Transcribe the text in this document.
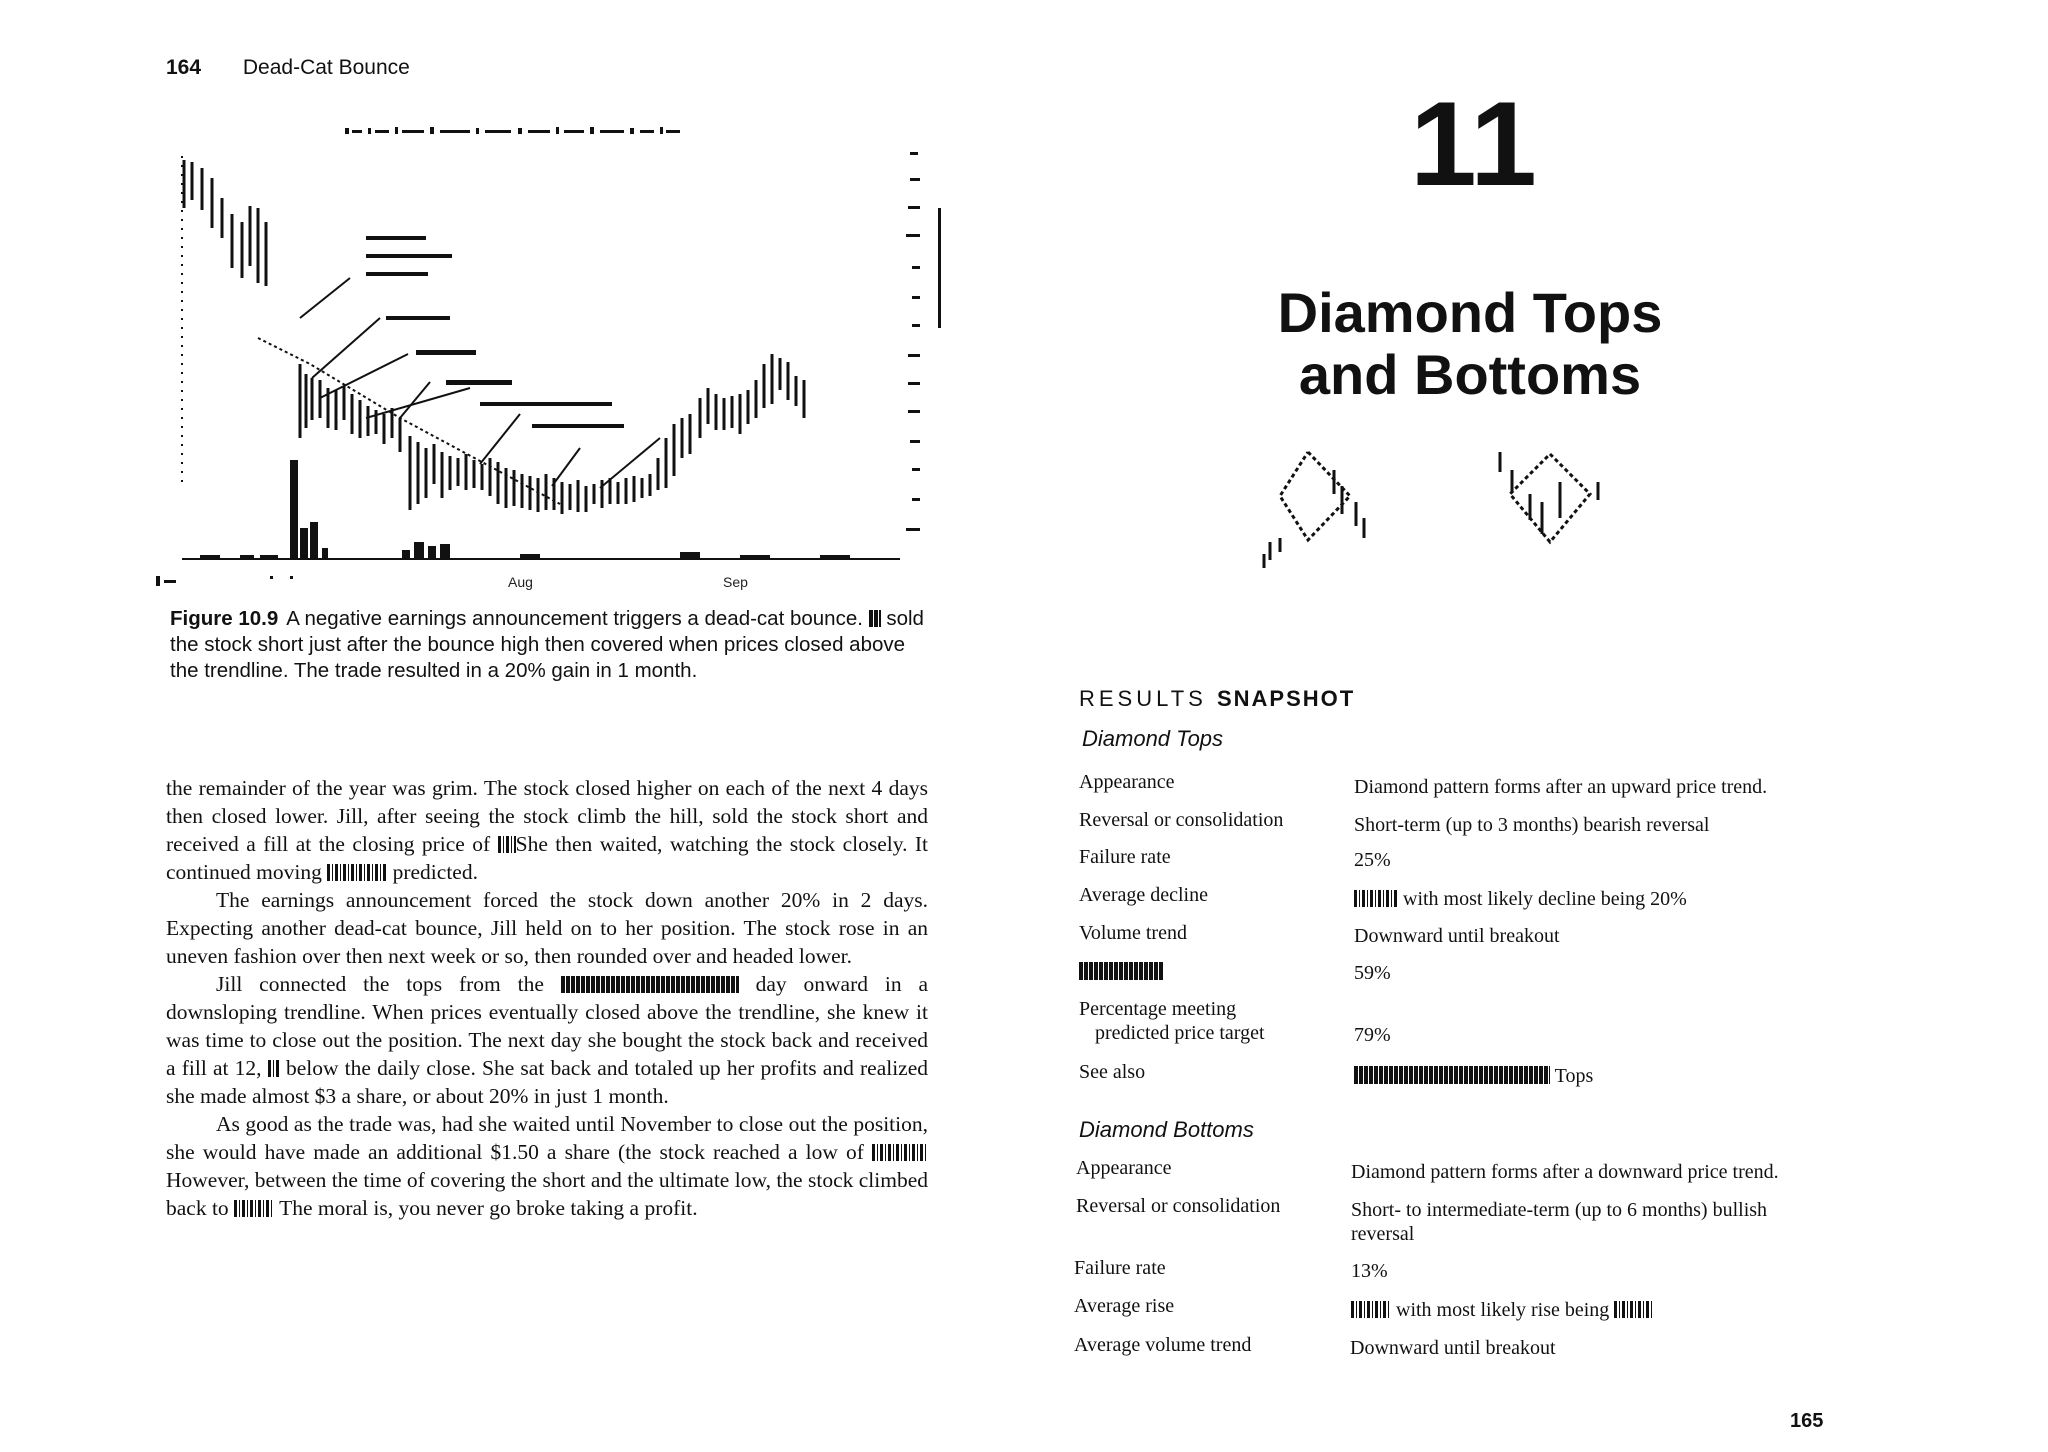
164 Dead-Cat Bounce
Aug	Sep
Figure 10.9 A negative earnings announcement triggers a dead-cat bounce. sold the stock short just after the bounce high then covered when prices closed above the trendline. The trade resulted in a 20% gain in 1 month.

the remainder of the year was grim. The stock closed higher on each of the next 4 days then closed lower. Jill, after seeing the stock climb the hill, sold the stock short and received a fill at the closing price of She then waited, watching the stock closely. It continued moving	predicted.

The earnings announcement forced the stock down another 20% in 2 days. Expecting another dead-cat bounce, Jill held on to her position. The stock rose in an uneven fashion over then next week or so, then rounded over and headed lower.

Jill connected the tops from the	day onward in a downsloping trendline. When prices eventually closed above the trendline, she knew it was time to close out the position. The next day she bought the stock back and received a fill at 12, below the daily close. She sat back and totaled up her profits and realized she made almost $3 a share, or about 20% in just 1 month.

As good as the trade was, had she waited until November to close out the position, she would have made an additional $1.50 a share (the stock reached a low of  However, between the time of covering the short and the ultimate low, the stock climbed back to The moral is, you never go broke taking a profit.

11
Diamond Tops
and Bottoms
RESULTS SNAPSHOT
Diamond Tops
Appearance	Diamond pattern forms after an upward price trend.
Reversal or consolidation	Short-term (up to 3 months) bearish reversal
Failure rate	25%
Average decline	with most likely decline being 20%
Volume trend	Downward until breakout
59%
Percentage meeting
predicted price target	79%
See also	Tops
Diamond Bottoms
Appearance	Diamond pattern forms after a downward price trend.
Reversal or consolidation	Short- to intermediate-term (up to 6 months) bullish
reversal
Failure rate	13%
Average rise	with most likely rise being
Average volume trend	Downward until breakout
165
